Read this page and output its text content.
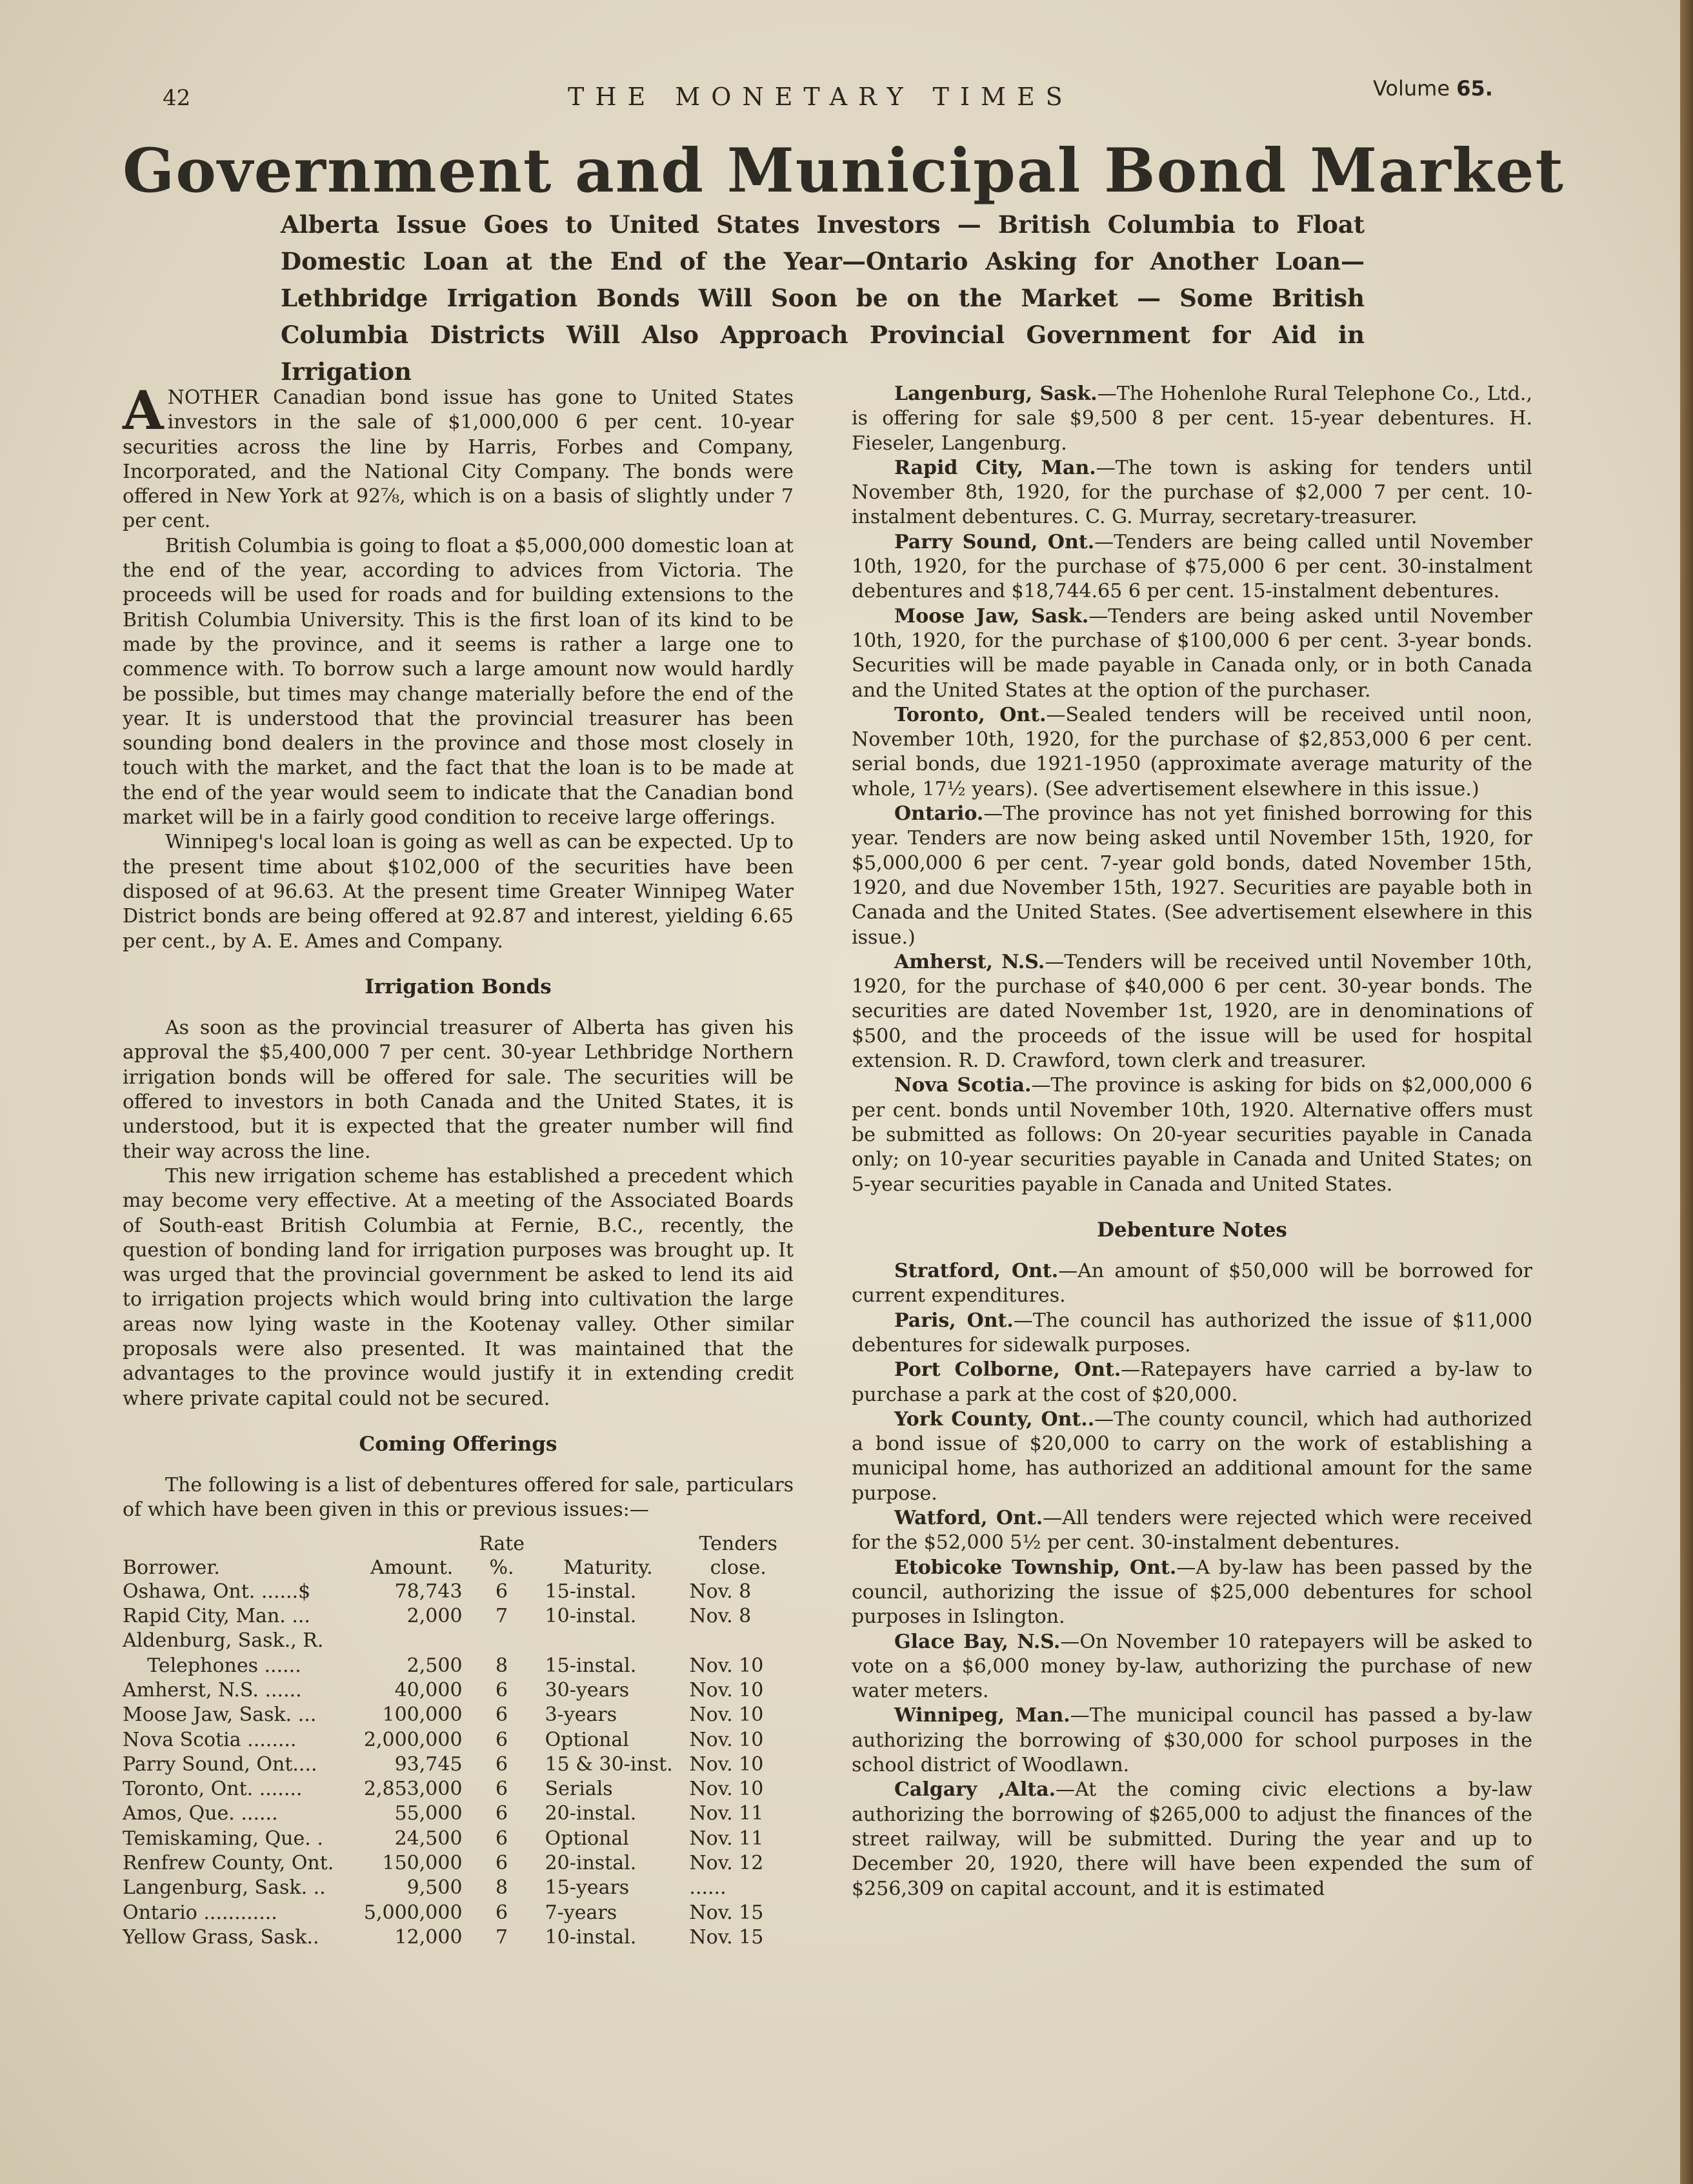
42	THE MONETARY TIMES	Volume 65.
Government and Municipal Bond Market
Alberta Issue Goes to United States Investors — British Columbia to Float
Domestic Loan at the End of the Year—Ontario Asking for Another Loan—
Lethbridge Irrigation Bonds Will Soon be on the Market — Some British
Columbia Districts Will Also Approach Provincial Government for Aid in Irrigation

ANOTHER Canadian bond issue has gone to United States investors in the sale of $1,000,000 6 per cent. 10-year securities across the line by Harris, Forbes and Company, Incorporated, and the National City Company. The bonds were offered in New York at 92⅞, which is on a basis of slightly under 7 per cent.

British Columbia is going to float a $5,000,000 domestic loan at the end of the year, according to advices from Victoria. The proceeds will be used for roads and for building extensions to the British Columbia University. This is the first loan of its kind to be made by the province, and it seems is rather a large one to commence with. To borrow such a large amount now would hardly be possible, but times may change materially before the end of the year. It is understood that the provincial treasurer has been sounding bond dealers in the province and those most closely in touch with the market, and the fact that the loan is to be made at the end of the year would seem to indicate that the Canadian bond market will be in a fairly good condition to receive large offerings.

Winnipeg's local loan is going as well as can be expected. Up to the present time about $102,000 of the securities have been disposed of at 96.63. At the present time Greater Winnipeg Water District bonds are being offered at 92.87 and interest, yielding 6.65 per cent., by A. E. Ames and Company.

Irrigation Bonds

As soon as the provincial treasurer of Alberta has given his approval the $5,400,000 7 per cent. 30-year Lethbridge Northern irrigation bonds will be offered for sale. The securities will be offered to investors in both Canada and the United States, it is understood, but it is expected that the greater number will find their way across the line.

This new irrigation scheme has established a precedent which may become very effective. At a meeting of the Associated Boards of South-east British Columbia at Fernie, B.C., recently, the question of bonding land for irrigation purposes was brought up. It was urged that the provincial government be asked to lend its aid to irrigation projects which would bring into cultivation the large areas now lying waste in the Kootenay valley. Other similar proposals were also presented. It was maintained that the advantages to the province would justify it in extending credit where private capital could not be secured.

Coming Offerings

The following is a list of debentures offered for sale, particulars of which have been given in this or previous issues:—

Borrower.	Amount.	Rate %.	Maturity.	Tenders
close.
Oshawa, Ont. ......$	78,743	6	15-instal.	Nov. 8
Rapid City, Man. ...	2,000	7	10-instal.	Nov. 8
Aldenburg, Sask., R.				
Telephones ......	2,500	8	15-instal.	Nov. 10
Amherst, N.S. ......	40,000	6	30-years	Nov. 10
Moose Jaw, Sask. ...	100,000	6	3-years	Nov. 10
Nova Scotia ........	2,000,000	6	Optional	Nov. 10
Parry Sound, Ont....	93,745	6	15 & 30-inst.	Nov. 10
Toronto, Ont. .......	2,853,000	6	Serials	Nov. 10
Amos, Que. ......	55,000	6	20-instal.	Nov. 11
Temiskaming, Que. .	24,500	6	Optional	Nov. 11
Renfrew County, Ont.	150,000	6	20-instal.	Nov. 12
Langenburg, Sask. ..	9,500	8	15-years	......
Ontario ............	5,000,000	6	7-years	Nov. 15
Yellow Grass, Sask..	12,000	7	10-instal.	Nov. 15

Langenburg, Sask.—The Hohenlohe Rural Telephone Co., Ltd., is offering for sale $9,500 8 per cent. 15-year debentures. H. Fieseler, Langenburg.

Rapid City, Man.—The town is asking for tenders until November 8th, 1920, for the purchase of $2,000 7 per cent. 10-instalment debentures. C. G. Murray, secretary-treasurer.

Parry Sound, Ont.—Tenders are being called until November 10th, 1920, for the purchase of $75,000 6 per cent. 30-instalment debentures and $18,744.65 6 per cent. 15-instalment debentures.

Moose Jaw, Sask.—Tenders are being asked until November 10th, 1920, for the purchase of $100,000 6 per cent. 3-year bonds. Securities will be made payable in Canada only, or in both Canada and the United States at the option of the purchaser.

Toronto, Ont.—Sealed tenders will be received until noon, November 10th, 1920, for the purchase of $2,853,000 6 per cent. serial bonds, due 1921-1950 (approximate average maturity of the whole, 17½ years). (See advertisement elsewhere in this issue.)

Ontario.—The province has not yet finished borrowing for this year. Tenders are now being asked until November 15th, 1920, for $5,000,000 6 per cent. 7-year gold bonds, dated November 15th, 1920, and due November 15th, 1927. Securities are payable both in Canada and the United States. (See advertisement elsewhere in this issue.)

Amherst, N.S.—Tenders will be received until November 10th, 1920, for the purchase of $40,000 6 per cent. 30-year bonds. The securities are dated November 1st, 1920, are in denominations of $500, and the proceeds of the issue will be used for hospital extension. R. D. Crawford, town clerk and treasurer.

Nova Scotia.—The province is asking for bids on $2,000,000 6 per cent. bonds until November 10th, 1920. Alternative offers must be submitted as follows: On 20-year securities payable in Canada only; on 10-year securities payable in Canada and United States; on 5-year securities payable in Canada and United States.

Debenture Notes

Stratford, Ont.—An amount of $50,000 will be borrowed for current expenditures.

Paris, Ont.—The council has authorized the issue of $11,000 debentures for sidewalk purposes.

Port Colborne, Ont.—Ratepayers have carried a by-law to purchase a park at the cost of $20,000.

York County, Ont..—The county council, which had authorized a bond issue of $20,000 to carry on the work of establishing a municipal home, has authorized an additional amount for the same purpose.

Watford, Ont.—All tenders were rejected which were received for the $52,000 5½ per cent. 30-instalment debentures.

Etobicoke Township, Ont.—A by-law has been passed by the council, authorizing the issue of $25,000 debentures for school purposes in Islington.

Glace Bay, N.S.—On November 10 ratepayers will be asked to vote on a $6,000 money by-law, authorizing the purchase of new water meters.

Winnipeg, Man.—The municipal council has passed a by-law authorizing the borrowing of $30,000 for school purposes in the school district of Woodlawn.

Calgary ,Alta.—At the coming civic elections a by-law authorizing the borrowing of $265,000 to adjust the finances of the street railway, will be submitted. During the year and up to December 20, 1920, there will have been expended the sum of $256,309 on capital account, and it is estimated
